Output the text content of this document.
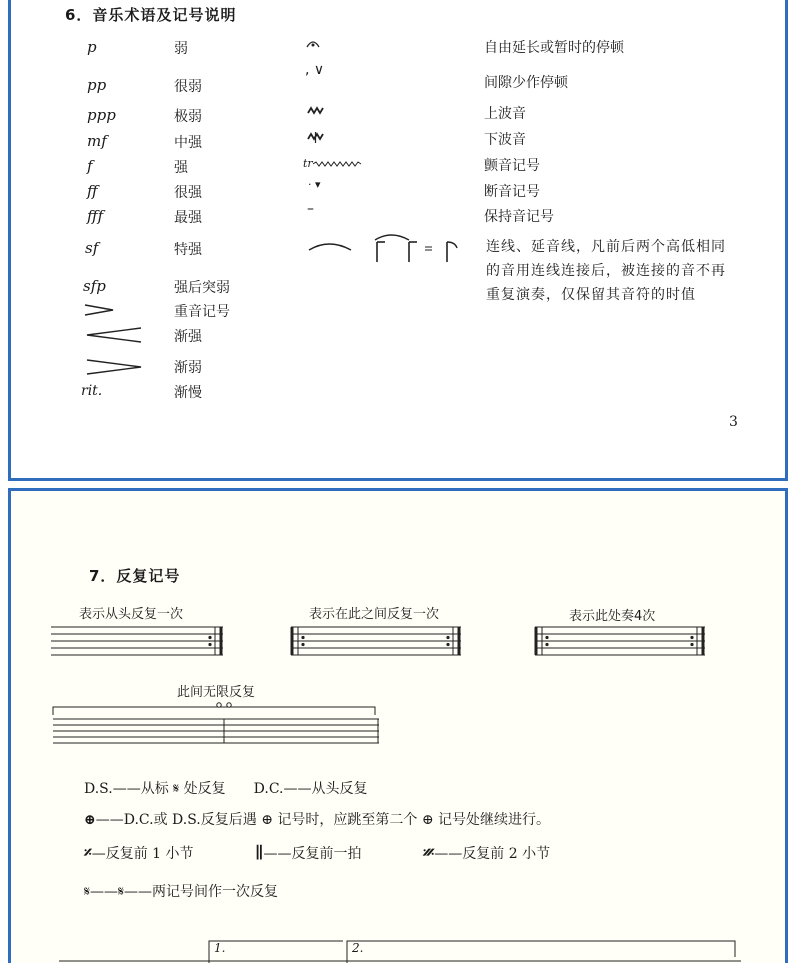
6．音乐术语及记号说明
p	弱
pp	很弱
ppp	极弱
mf	中强
f	强
ff	很强
fff	最强
sf	特强
sfp	强后突弱
重音记号
渐强
渐弱
rit.	渐慢
自由延长或暂时的停顿
, ∨
间隙少作停顿
上波音
下波音
tr	颤音记号
· ▾	断音记号
–	保持音记号
连线、延音线，凡前后两个高低相同的音用连线连接后，被连接的音不再重复演奏，仅保留其音符的时值
3
7．反复记号
表示从头反复一次	表示在此之间反复一次	表示此处奏4次
此间无限反复
D.S.——从标 𝄋 处反复　　D.C.——从头反复
⊕——D.C.或 D.S.反复后遇 ⊕ 记号时，应跳至第二个 ⊕ 记号处继续进行。
𝄎—反复前 1 小节	∥——反复前一拍	𝄏——反复前 2 小节
𝄋——𝄋——两记号间作一次反复
1.	2.
